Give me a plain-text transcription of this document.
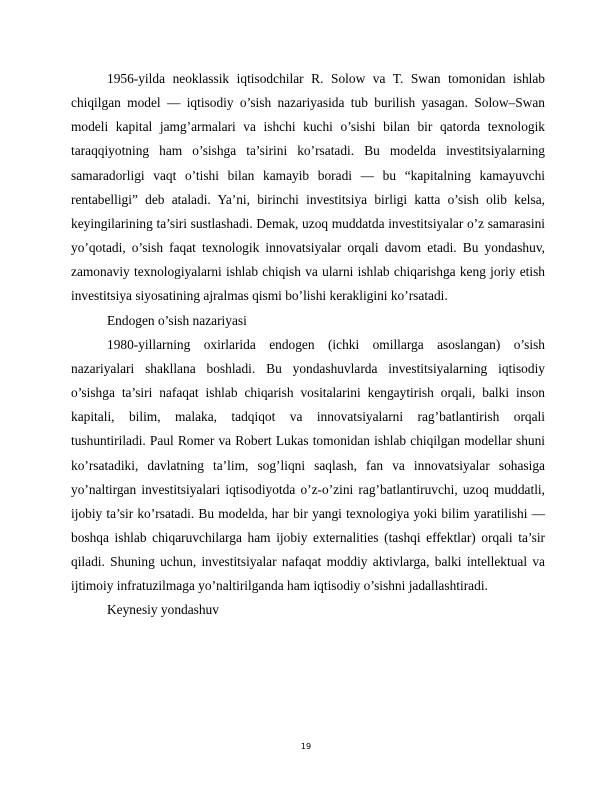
1956-yilda neoklassik iqtisodchilar R. Solow va T. Swan tomonidan ishlab chiqilgan model — iqtisodiy o’sish nazariyasida tub burilish yasagan. Solow–Swan modeli kapital jamg’armalari va ishchi kuchi o’sishi bilan bir qatorda texnologik taraqqiyotning ham o’sishga ta’sirini ko’rsatadi. Bu modelda investitsiyalarning samaradorligi vaqt o’tishi bilan kamayib boradi — bu “kapitalning kamayuvchi rentabelligi” deb ataladi. Ya’ni, birinchi investitsiya birligi katta o’sish olib kelsa, keyingilarining ta’siri sustlashadi. Demak, uzoq muddatda investitsiyalar o’z samarasini yo’qotadi, o’sish faqat texnologik innovatsiyalar orqali davom etadi. Bu yondashuv, zamonaviy texnologiyalarni ishlab chiqish va ularni ishlab chiqarishga keng joriy etish investitsiya siyosatining ajralmas qismi bo’lishi kerakligini ko’rsatadi.

Endogen o’sish nazariyasi

1980-yillarning oxirlarida endogen (ichki omillarga asoslangan) o’sish nazariyalari shakllana boshladi. Bu yondashuvlarda investitsiyalarning iqtisodiy o’sishga ta’siri nafaqat ishlab chiqarish vositalarini kengaytirish orqali, balki inson kapitali, bilim, malaka, tadqiqot va innovatsiyalarni rag’batlantirish orqali tushuntiriladi. Paul Romer va Robert Lukas tomonidan ishlab chiqilgan modellar shuni ko’rsatadiki, davlatning ta’lim, sog’liqni saqlash, fan va innovatsiyalar sohasiga yo’naltirgan investitsiyalari iqtisodiyotda o’z-o’zini rag’batlantiruvchi, uzoq muddatli, ijobiy ta’sir ko’rsatadi. Bu modelda, har bir yangi texnologiya yoki bilim yaratilishi — boshqa ishlab chiqaruvchilarga ham ijobiy externalities (tashqi effektlar) orqali ta’sir qiladi. Shuning uchun, investitsiyalar nafaqat moddiy aktivlarga, balki intellektual va ijtimoiy infratuzilmaga yo’naltirilganda ham iqtisodiy o’sishni jadallashtiradi.

Keynesiy yondashuv

19
